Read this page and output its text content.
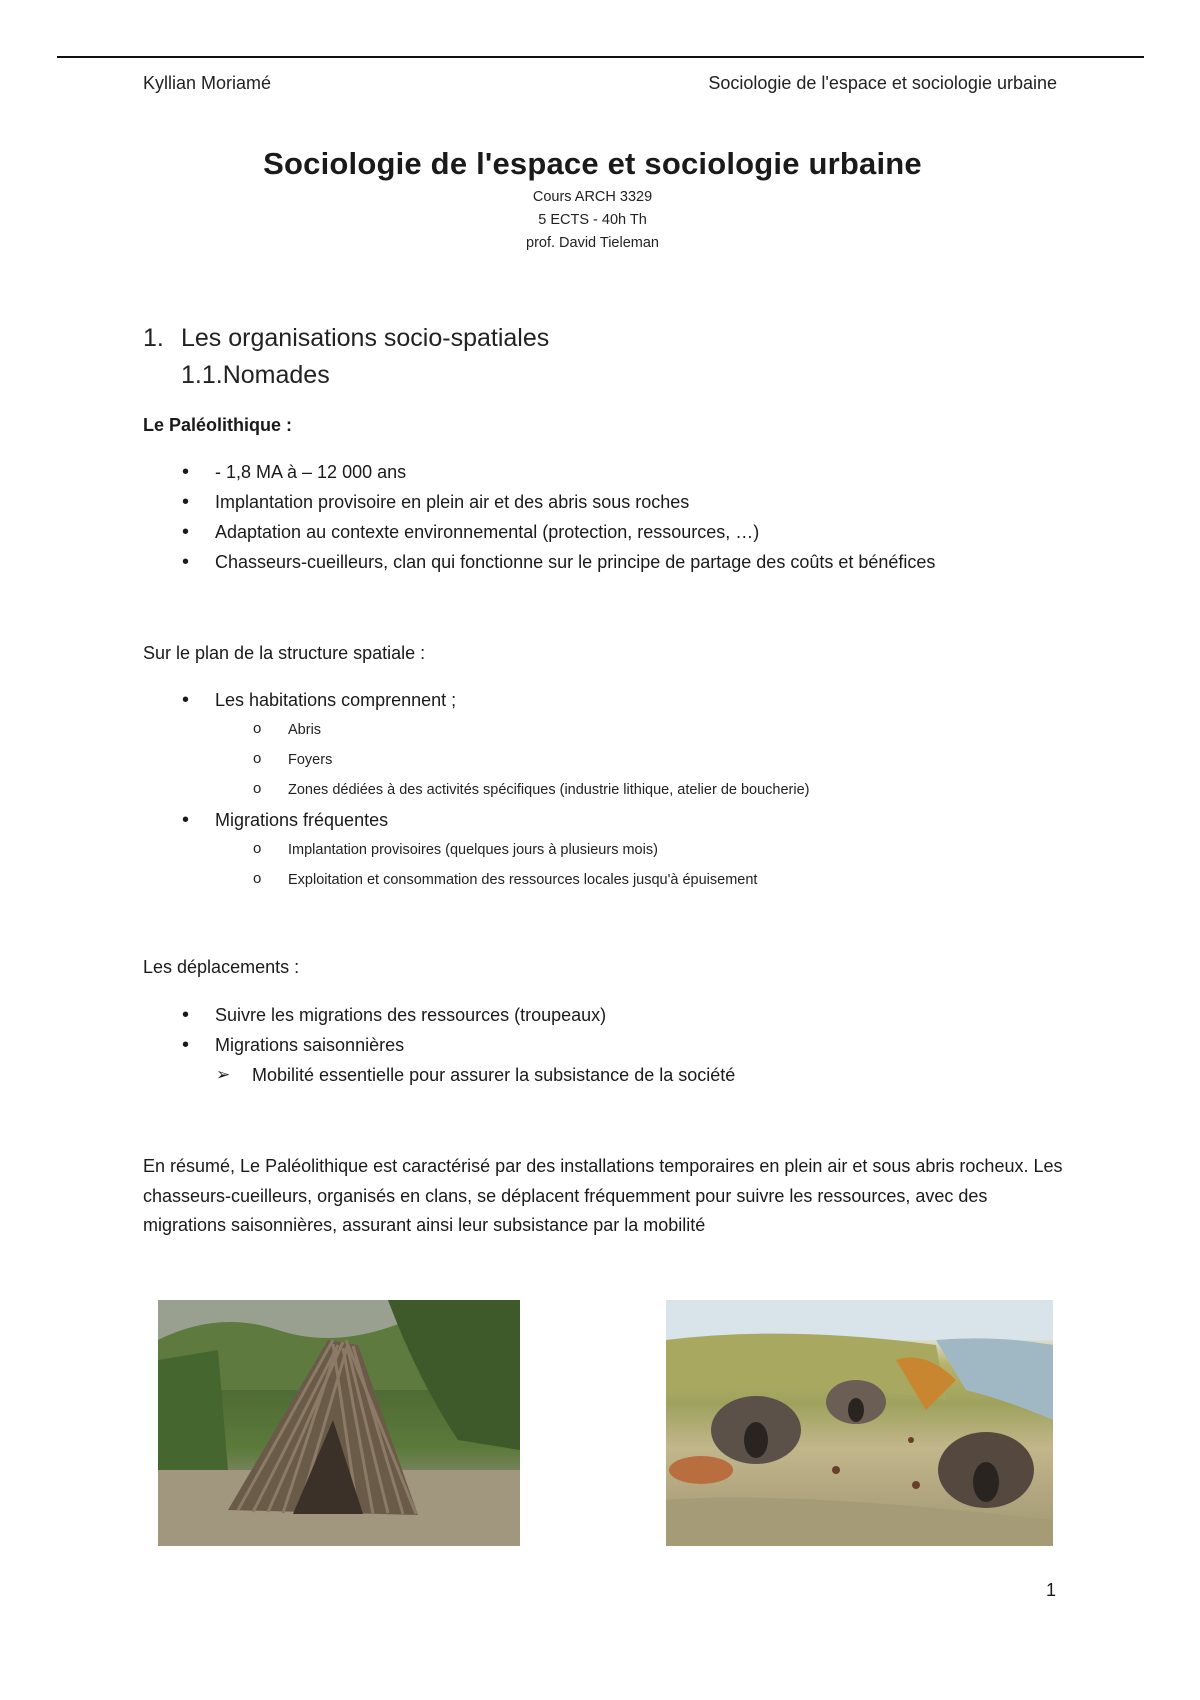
Kyllian Moriamé	Sociologie de l'espace et sociologie urbaine
Sociologie de l'espace et sociologie urbaine
Cours ARCH 3329
5 ECTS - 40h Th
prof. David Tieleman
1. Les organisations socio-spatiales
1.1.Nomades
Le Paléolithique :
• - 1,8 MA à – 12 000 ans
• Implantation provisoire en plein air et des abris sous roches
• Adaptation au contexte environnemental (protection, ressources, …)
• Chasseurs-cueilleurs, clan qui fonctionne sur le principe de partage des coûts et bénéfices
Sur le plan de la structure spatiale :
• Les habitations comprennent ;
o Abris
o Foyers
o Zones dédiées à des activités spécifiques (industrie lithique, atelier de boucherie)
• Migrations fréquentes
o Implantation provisoires (quelques jours à plusieurs mois)
o Exploitation et consommation des ressources locales jusqu'à épuisement
Les déplacements :
• Suivre les migrations des ressources (troupeaux)
• Migrations saisonnières
➢ Mobilité essentielle pour assurer la subsistance de la société
En résumé, Le Paléolithique est caractérisé par des installations temporaires en plein air et sous abris rocheux. Les chasseurs-cueilleurs, organisés en clans, se déplacent fréquemment pour suivre les ressources, avec des migrations saisonnières, assurant ainsi leur subsistance par la mobilité
1
